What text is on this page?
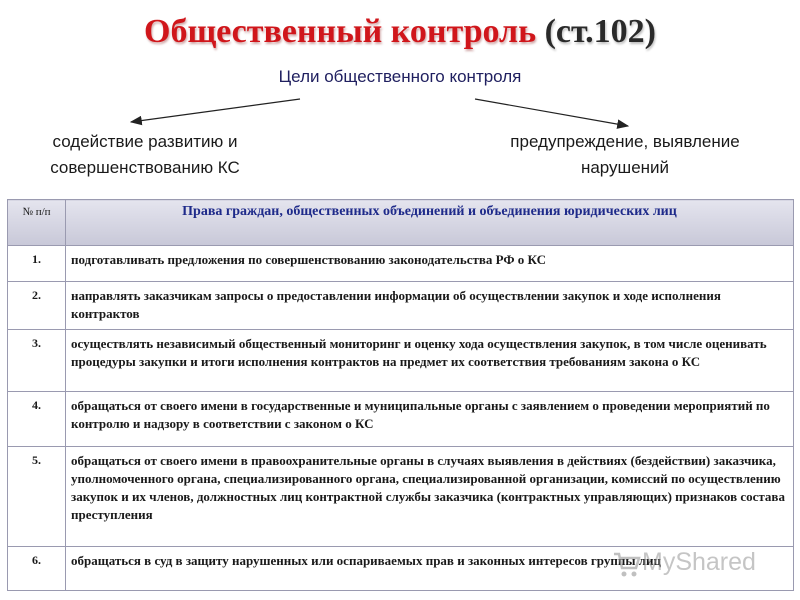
Общественный контроль (ст.102)
Цели общественного контроля
содействие развитию и совершенствованию КС
предупреждение, выявление нарушений
№ п/п	Права граждан, общественных объединений и объединения юридических лиц
1.	подготавливать предложения по совершенствованию законодательства РФ о КС
2.	направлять заказчикам запросы о предоставлении информации об осуществлении закупок и ходе исполнения контрактов
3.	осуществлять независимый общественный мониторинг и оценку хода осуществления закупок, в том числе оценивать процедуры закупки и итоги исполнения контрактов на предмет их соответствия требованиям закона о КС
4.	обращаться от своего имени в государственные и муниципальные органы с заявлением о проведении мероприятий по контролю и надзору в соответствии с законом о КС
5.	обращаться от своего имени в правоохранительные органы в случаях выявления в действиях (бездействии) заказчика, уполномоченного органа, специализированного органа, специализированной организации, комиссий по осуществлению закупок и их членов, должностных лиц контрактной службы заказчика (контрактных управляющих) признаков состава преступления
6.	обращаться в суд в защиту нарушенных или оспариваемых прав и законных интересов группы лиц
MyShared
